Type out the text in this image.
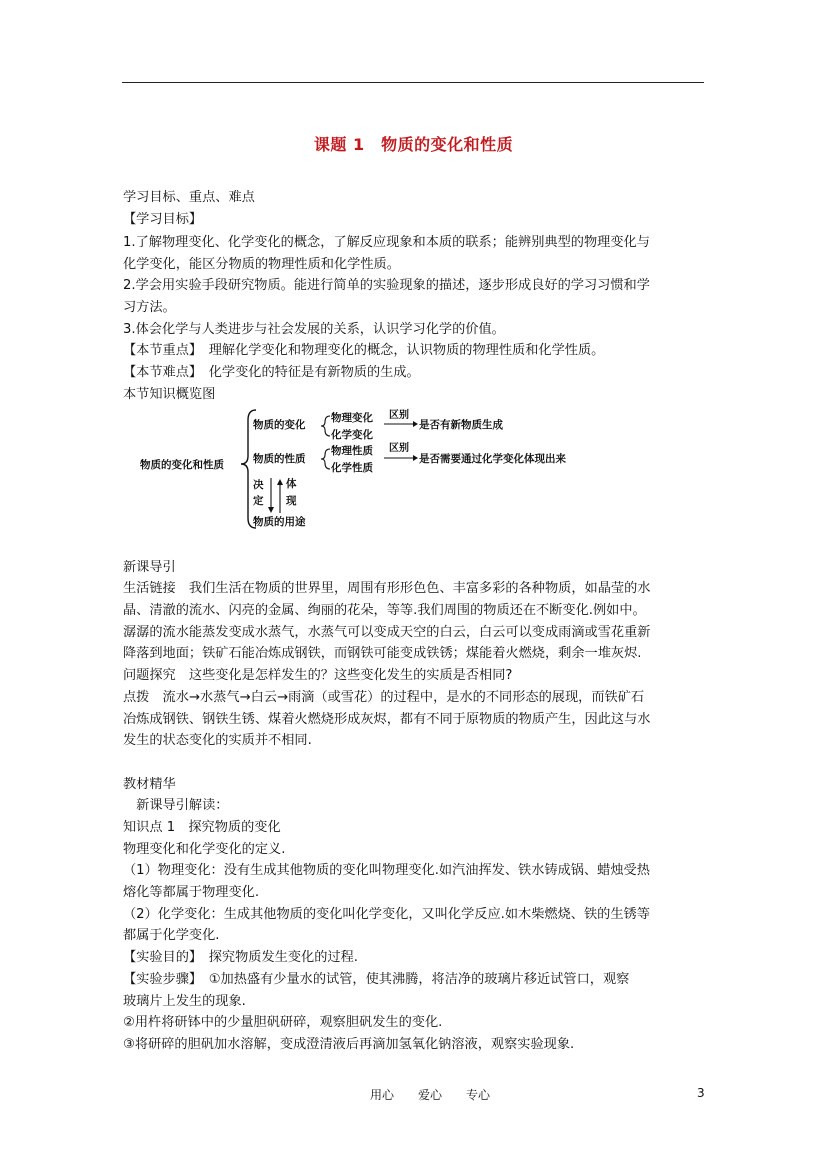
课题 1　物质的变化和性质
学习目标、重点、难点
【学习目标】
1.了解物理变化、化学变化的概念，了解反应现象和本质的联系；能辨别典型的物理变化与
化学变化，能区分物质的物理性质和化学性质。
2.学会用实验手段研究物质。能进行简单的实验现象的描述，逐步形成良好的学习习惯和学
习方法。
3.体会化学与人类进步与社会发展的关系，认识学习化学的价值。
【本节重点】　理解化学变化和物理变化的概念，认识物质的物理性质和化学性质。
【本节难点】　化学变化的特征是有新物质的生成。
本节知识概览图
物质的变化和性质
物质的变化
物理变化
化学变化
区别
是否有新物质生成
物质的性质
物理性质
化学性质
区别
是否需要通过化学变化体现出来
决
定
体
现
物质的用途
新课导引
生活链接　我们生活在物质的世界里，周围有形形色色、丰富多彩的各种物质，如晶莹的水
晶、清澈的流水、闪亮的金属、绚丽的花朵，等等.我们周围的物质还在不断变化.例如中。
潺潺的流水能蒸发变成水蒸气，水蒸气可以变成天空的白云，白云可以变成雨滴或雪花重新
降落到地面；铁矿石能冶炼成钢铁，而钢铁可能变成铁锈；煤能着火燃烧，剩余一堆灰烬.
问题探究　这些变化是怎样发生的？这些变化发生的实质是否相同?
点拨　流水→水蒸气→白云→雨滴（或雪花）的过程中，是水的不同形态的展现，而铁矿石
冶炼成钢铁、钢铁生锈、煤着火燃烧形成灰烬，都有不同于原物质的物质产生，因此这与水
发生的状态变化的实质并不相同.
教材精华
　新课导引解读：
知识点 1　探究物质的变化
物理变化和化学变化的定义.
（1）物理变化：没有生成其他物质的变化叫物理变化.如汽油挥发、铁水铸成锅、蜡烛受热
熔化等都属于物理变化.
（2）化学变化：生成其他物质的变化叫化学变化，又叫化学反应.如木柴燃烧、铁的生锈等
都属于化学变化.
【实验目的】　探究物质发生变化的过程.
【实验步骤】　①加热盛有少量水的试管，使其沸腾，将洁净的玻璃片移近试管口，观察
玻璃片上发生的现象.
②用杵将研钵中的少量胆矾研碎，观察胆矾发生的变化.
③将研碎的胆矾加水溶解，变成澄清液后再滴加氢氧化钠溶液，观察实验现象.
用心　　爱心　　专心	3
